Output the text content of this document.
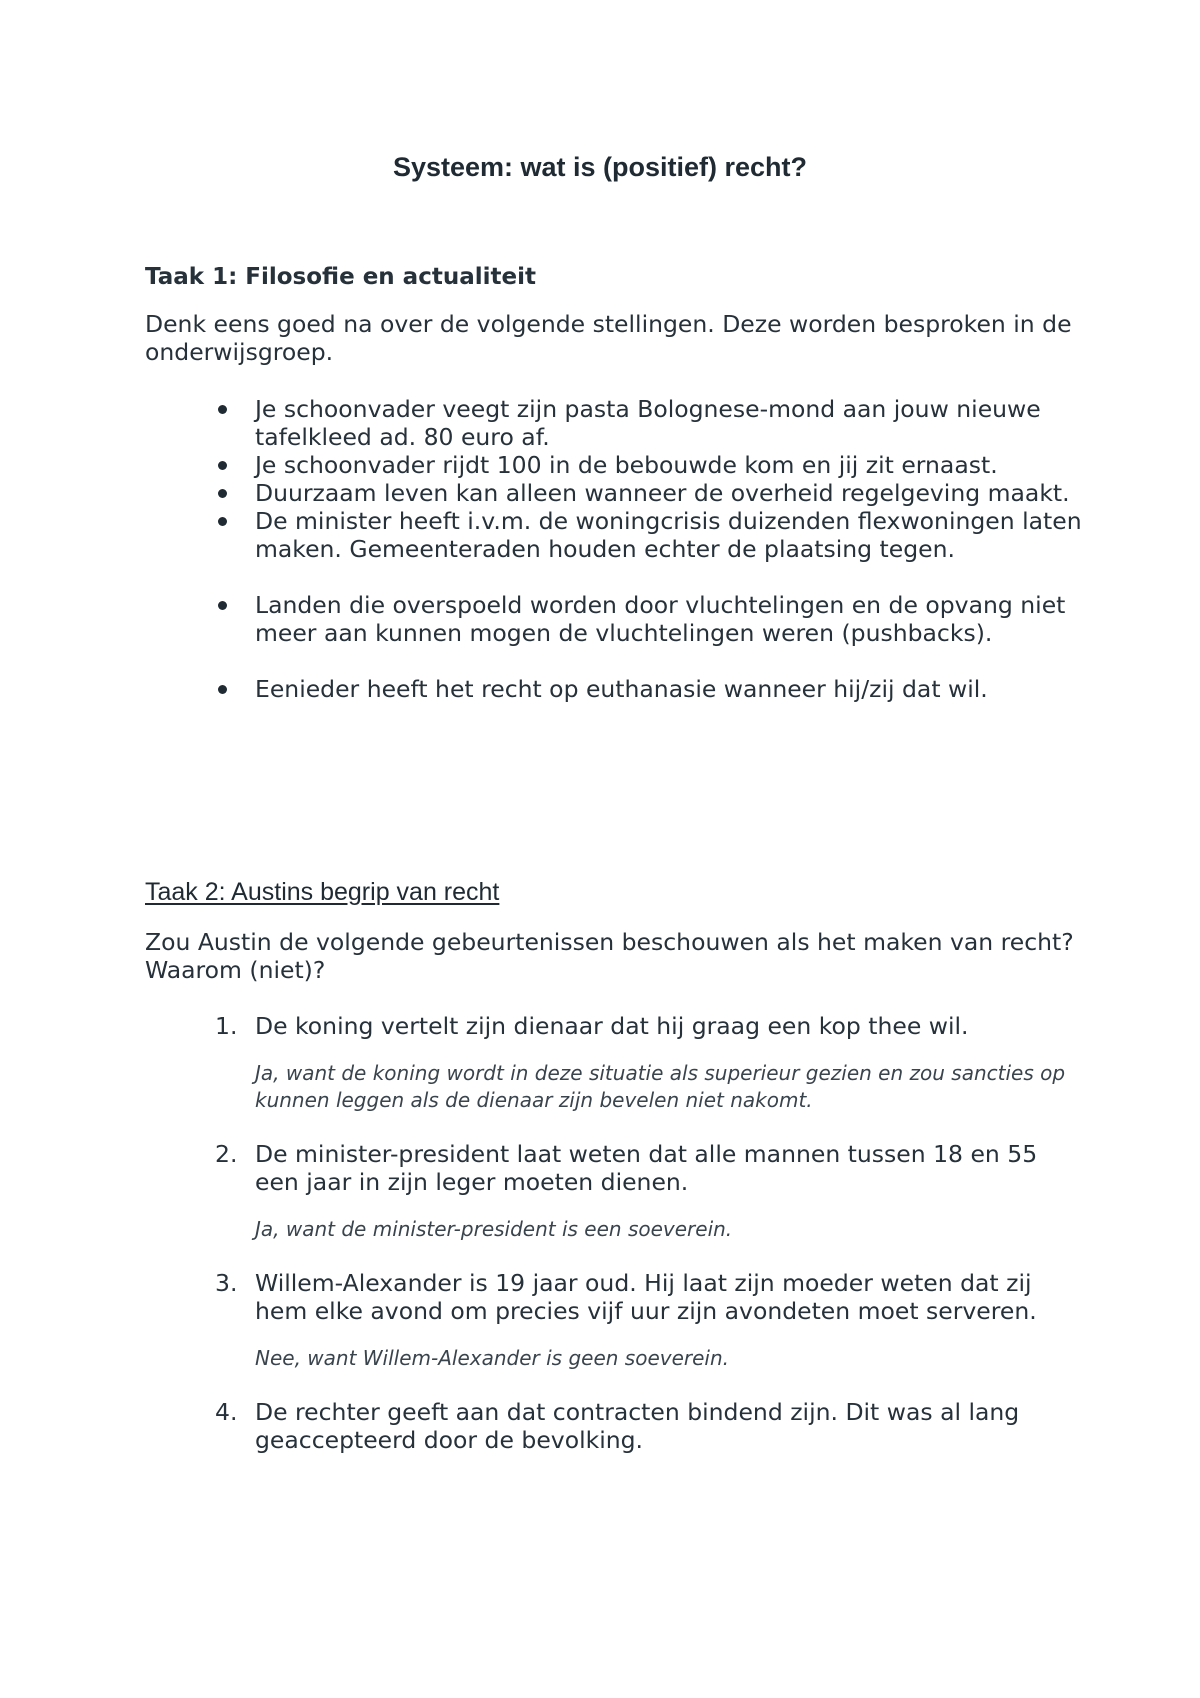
Systeem: wat is (positief) recht?
Taak 1: Filosofie en actualiteit
Denk eens goed na over de volgende stellingen. Deze worden besproken in de onderwijsgroep.
Je schoonvader veegt zijn pasta Bolognese-mond aan jouw nieuwe tafelkleed ad. 80 euro af.
Je schoonvader rijdt 100 in de bebouwde kom en jij zit ernaast.
Duurzaam leven kan alleen wanneer de overheid regelgeving maakt.
De minister heeft i.v.m. de woningcrisis duizenden flexwoningen laten maken. Gemeenteraden houden echter de plaatsing tegen.
Landen die overspoeld worden door vluchtelingen en de opvang niet meer aan kunnen mogen de vluchtelingen weren (pushbacks).
Eenieder heeft het recht op euthanasie wanneer hij/zij dat wil.
Taak 2: Austins begrip van recht
Zou Austin de volgende gebeurtenissen beschouwen als het maken van recht? Waarom (niet)?
1. De koning vertelt zijn dienaar dat hij graag een kop thee wil.
Ja, want de koning wordt in deze situatie als superieur gezien en zou sancties op kunnen leggen als de dienaar zijn bevelen niet nakomt.
2. De minister-president laat weten dat alle mannen tussen 18 en 55 een jaar in zijn leger moeten dienen.
Ja, want de minister-president is een soeverein.
3. Willem-Alexander is 19 jaar oud. Hij laat zijn moeder weten dat zij hem elke avond om precies vijf uur zijn avondeten moet serveren.
Nee, want Willem-Alexander is geen soeverein.
4. De rechter geeft aan dat contracten bindend zijn. Dit was al lang geaccepteerd door de bevolking.
